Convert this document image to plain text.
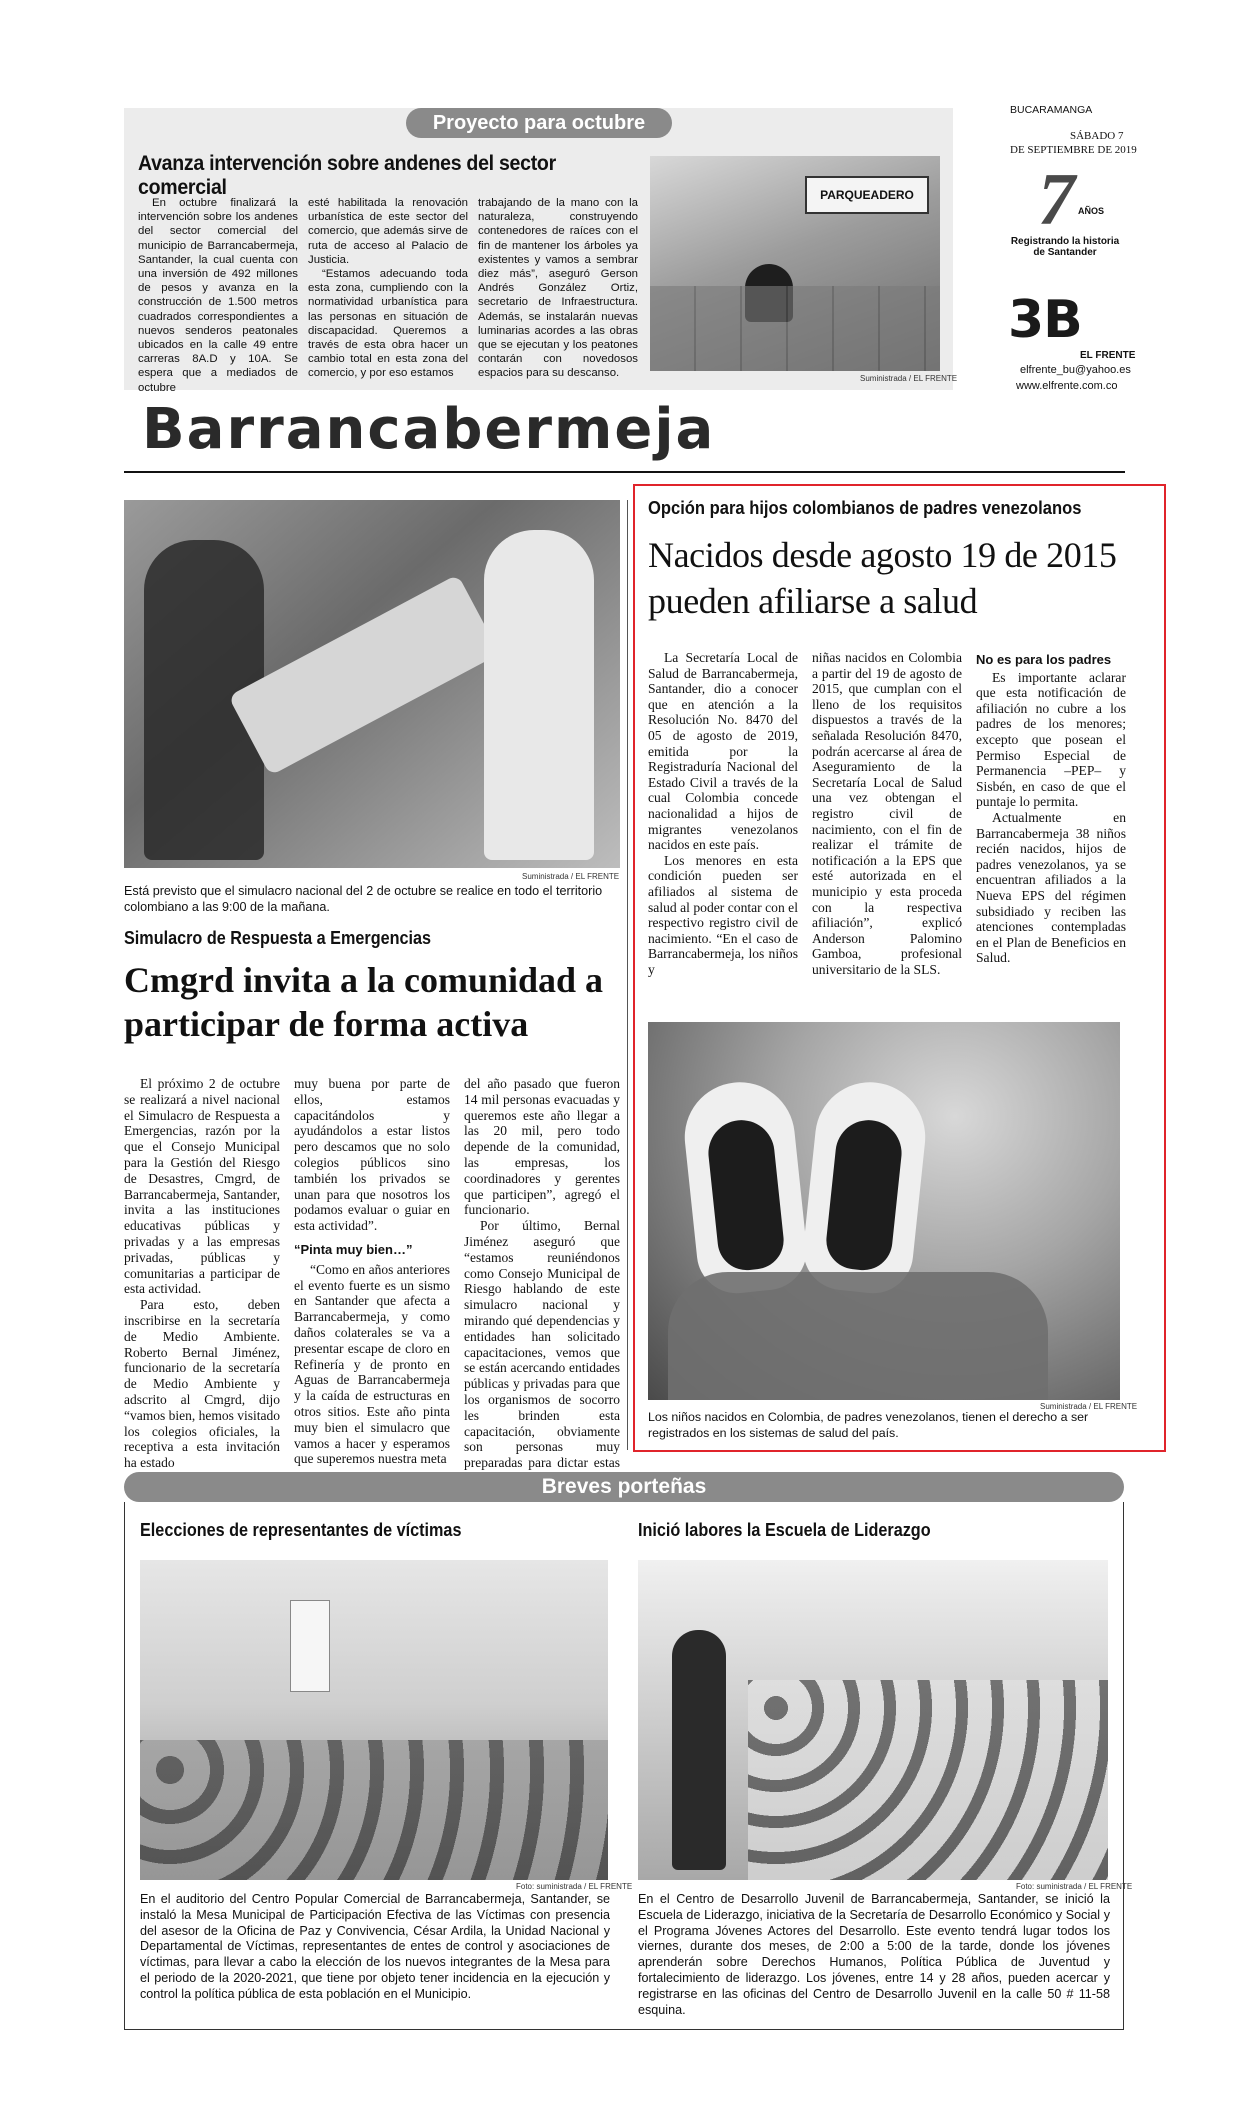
Proyecto para octubre
Avanza intervención sobre andenes del sector comercial

En octubre finalizará la intervención sobre los andenes del sector comercial del municipio de Barrancabermeja, Santander, la cual cuenta con una inversión de 492 millones de pesos y avanza en la construcción de 1.500 metros cuadrados correspondientes a nuevos senderos peatonales ubicados en la calle 49 entre carreras 8A.D y 10A. Se espera que a mediados de octubre

esté habilitada la renovación urbanística de este sector del comercio, que además sirve de ruta de acceso al Palacio de Justicia.

“Estamos adecuando toda esta zona, cumpliendo con la normatividad urbanística para las personas en situación de discapacidad. Queremos a través de esta obra hacer un cambio total en esta zona del comercio, y por eso estamos

trabajando de la mano con la naturaleza, construyendo contenedores de raíces con el fin de mantener los árboles ya existentes y vamos a sembrar diez más”, aseguró Gerson Andrés González Ortiz, secretario de Infraestructura. Además, se instalarán nuevas luminarias acordes a las obras que se ejecutan y los peatones contarán con novedosos espacios para su descanso.

PARQUEADERO
Suministrada / EL FRENTE
BUCARAMANGA
SÁBADO 7
DE SEPTIEMBRE DE 2019
7 AÑOS
Registrando la historia de Santander
3B
EL FRENTE
elfrente_bu@yahoo.es
www.elfrente.com.co
Barrancabermeja
Suministrada / EL FRENTE
Está previsto que el simulacro nacional del 2 de octubre se realice en todo el territorio colombiano a las 9:00 de la mañana.
Simulacro de Respuesta a Emergencias
Cmgrd invita a la comunidad a participar de forma activa

El próximo 2 de octubre se realizará a nivel nacional el Simulacro de Respuesta a Emergencias, razón por la que el Consejo Municipal para la Gestión del Riesgo de Desastres, Cmgrd, de Barrancabermeja, Santander, invita a las instituciones educativas públicas y privadas y a las empresas privadas, públicas y comunitarias a participar de esta actividad.

Para esto, deben inscribirse en la secretaría de Medio Ambiente. Roberto Bernal Jiménez, funcionario de la secretaría de Medio Ambiente y adscrito al Cmgrd, dijo “vamos bien, hemos visitado los colegios oficiales, la receptiva a esta invitación ha estado

muy buena por parte de ellos, estamos capacitándolos y ayudándolos a estar listos pero descamos que no solo colegios públicos sino también los privados se unan para que nosotros los podamos evaluar o guiar en esta actividad”.

“Pinta muy bien…”

“Como en años anteriores el evento fuerte es un sismo en Santander que afecta a Barrancabermeja, y como daños colaterales se va a presentar escape de cloro en Refinería y de pronto en Aguas de Barrancabermeja y la caída de estructuras en otros sitios. Este año pinta muy bien el simulacro que vamos a hacer y esperamos que superemos nuestra meta

del año pasado que fueron 14 mil personas evacuadas y queremos este año llegar a las 20 mil, pero todo depende de la comunidad, las empresas, los coordinadores y gerentes que participen”, agregó el funcionario.

Por último, Bernal Jiménez aseguró que “estamos reuniéndonos como Consejo Municipal de Riesgo hablando de este simulacro nacional y mirando qué dependencias y entidades han solicitado capacitaciones, vemos que se están acercando entidades públicas y privadas para que los organismos de socorro les brinden esta capacitación, obviamente son personas muy preparadas para dictar estas

Opción para hijos colombianos de padres venezolanos
Nacidos desde agosto 19 de 2015 pueden afiliarse a salud

La Secretaría Local de Salud de Barrancabermeja, Santander, dio a conocer que en atención a la Resolución No. 8470 del 05 de agosto de 2019, emitida por la Registraduría Nacional del Estado Civil a través de la cual Colombia concede nacionalidad a hijos de migrantes venezolanos nacidos en este país.

Los menores en esta condición pueden ser afiliados al sistema de salud al poder contar con el respectivo registro civil de nacimiento. “En el caso de Barrancabermeja, los niños y

niñas nacidos en Colombia a partir del 19 de agosto de 2015, que cumplan con el lleno de los requisitos dispuestos a través de la señalada Resolución 8470, podrán acercarse al área de Aseguramiento de la Secretaría Local de Salud una vez obtengan el registro civil de nacimiento, con el fin de realizar el trámite de notificación a la EPS que esté autorizada en el municipio y esta proceda con la respectiva afiliación”, explicó Anderson Palomino Gamboa, profesional universitario de la SLS.

No es para los padres

Es importante aclarar que esta notificación de afiliación no cubre a los padres de los menores; excepto que posean el Permiso Especial de Permanencia –PEP– y Sisbén, en caso de que el puntaje lo permita.

Actualmente en Barrancabermeja 38 niños recién nacidos, hijos de padres venezolanos, ya se encuentran afiliados a la Nueva EPS del régimen subsidiado y reciben las atenciones contempladas en el Plan de Beneficios en Salud.

Suministrada / EL FRENTE
Los niños nacidos en Colombia, de padres venezolanos, tienen el derecho a ser registrados en los sistemas de salud del país.
Breves porteñas
Elecciones de representantes de víctimas
Foto: suministrada / EL FRENTE
En el auditorio del Centro Popular Comercial de Barrancabermeja, Santander, se instaló la Mesa Municipal de Participación Efectiva de las Víctimas con presencia del asesor de la Oficina de Paz y Convivencia, César Ardila, la Unidad Nacional y Departamental de Víctimas, representantes de entes de control y asociaciones de víctimas, para llevar a cabo la elección de los nuevos integrantes de la Mesa para el periodo de la 2020-2021, que tiene por objeto tener incidencia en la ejecución y control la política pública de esta población en el Municipio.
Inició labores la Escuela de Liderazgo
Foto: suministrada / EL FRENTE
En el Centro de Desarrollo Juvenil de Barrancabermeja, Santander, se inició la Escuela de Liderazgo, iniciativa de la Secretaría de Desarrollo Económico y Social y el Programa Jóvenes Actores del Desarrollo. Este evento tendrá lugar todos los viernes, durante dos meses, de 2:00 a 5:00 de la tarde, donde los jóvenes aprenderán sobre Derechos Humanos, Política Pública de Juventud y fortalecimiento de liderazgo. Los jóvenes, entre 14 y 28 años, pueden acercar y registrarse en las oficinas del Centro de Desarrollo Juvenil en la calle 50 # 11-58 esquina.
